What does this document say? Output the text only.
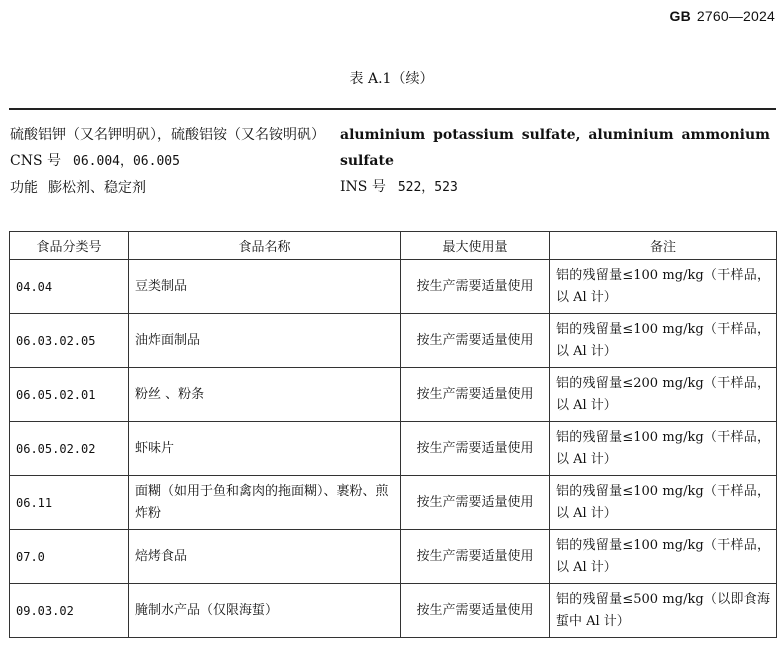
GB 2760—2024
表 A.1（续）
硫酸铝钾（又名钾明矾），硫酸铝铵（又名铵明矾）
CNS 号 06.004，06.005
功能 膨松剂、稳定剂
aluminium potassium sulfate, aluminium ammonium sulfate
INS 号 522，523
食品分类号	食品名称	最大使用量	备注
04.04	豆类制品	按生产需要适量使用	铝的残留量≤100 mg/kg（干样品，以 Al 计）
06.03.02.05	油炸面制品	按生产需要适量使用	铝的残留量≤100 mg/kg（干样品，以 Al 计）
06.05.02.01	粉丝 、粉条	按生产需要适量使用	铝的残留量≤200 mg/kg（干样品，以 Al 计）
06.05.02.02	虾味片	按生产需要适量使用	铝的残留量≤100 mg/kg（干样品，以 Al 计）
06.11	面糊（如用于鱼和禽肉的拖面糊）、裹粉、煎炸粉	按生产需要适量使用	铝的残留量≤100 mg/kg（干样品，以 Al 计）
07.0	焙烤食品	按生产需要适量使用	铝的残留量≤100 mg/kg（干样品，以 Al 计）
09.03.02	腌制水产品（仅限海蜇）	按生产需要适量使用	铝的残留量≤500 mg/kg（以即食海蜇中 Al 计）
